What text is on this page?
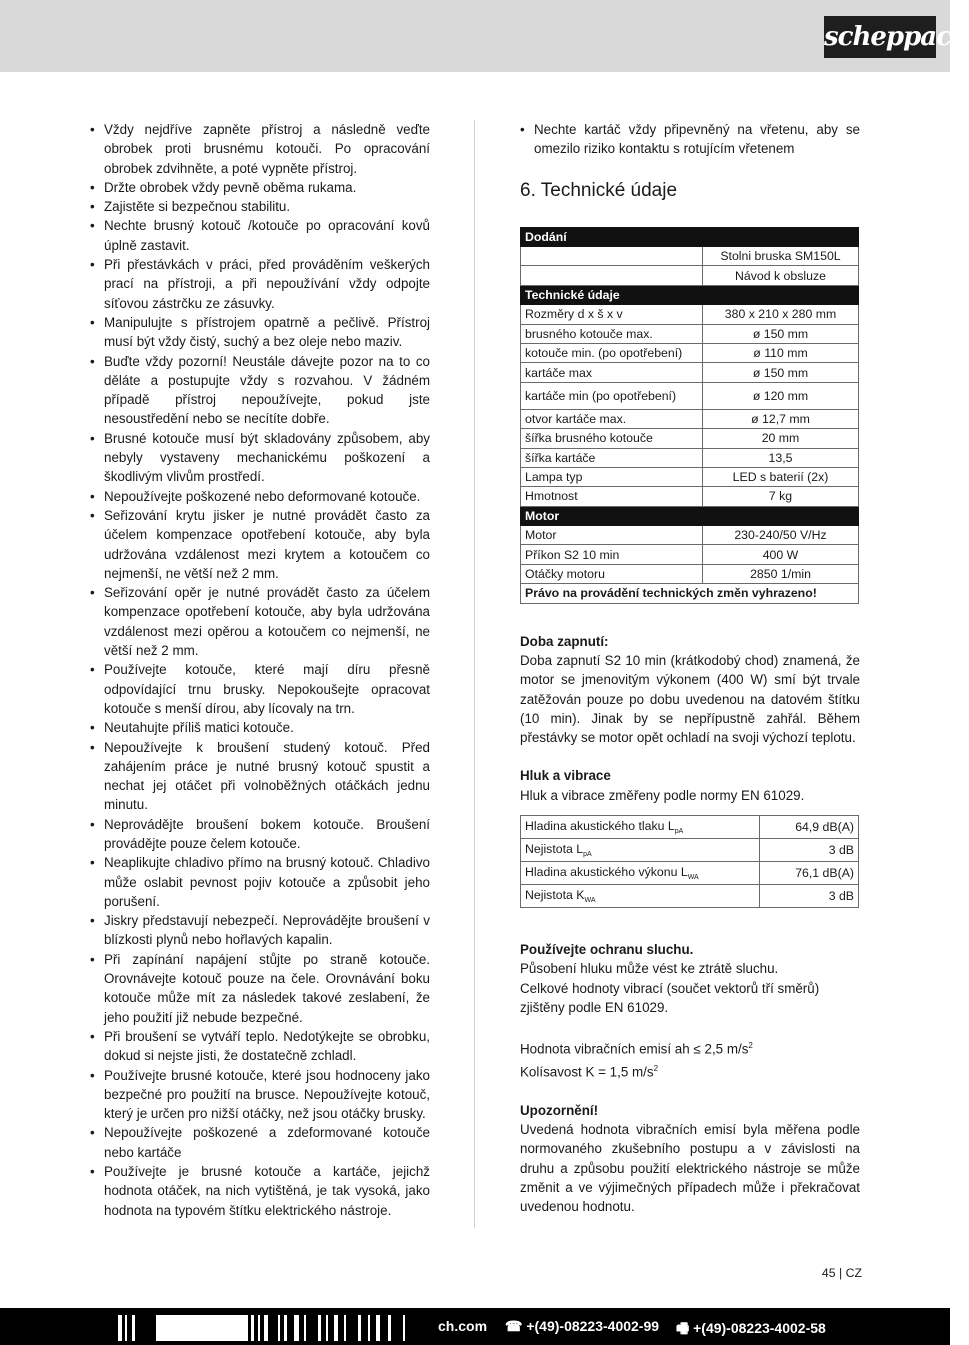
scheppach
• Vždy nejdříve zapněte přístroj a následně veďte obrobek proti brusnému kotouči. Po opracování obrobek zdvihněte, a poté vypněte přístroj.
• Držte obrobek vždy pevně oběma rukama.
• Zajistěte si bezpečnou stabilitu.
• Nechte brusný kotouč /kotouče po opracování kovů úplně zastavit.
• Při přestávkách v práci, před prováděním veškerých prací na přístroji, a při nepoužívání vždy odpojte síťovou zástrčku ze zásuvky.
• Manipulujte s přístrojem opatrně a pečlivě. Přístroj musí být vždy čistý, suchý a bez oleje nebo maziv.
• Buďte vždy pozorní! Neustále dávejte pozor na to co děláte a postupujte vždy s rozvahou. V žádném případě přístroj nepoužívejte, pokud jste nesoustředění nebo se necítíte dobře.
• Brusné kotouče musí být skladovány způsobem, aby nebyly vystaveny mechanickému poškození a škodlivým vlivům prostředí.
• Nepoužívejte poškozené nebo deformované kotouče.
• Seřizování krytu jisker je nutné provádět často za účelem kompenzace opotřebení kotouče, aby byla udržována vzdálenost mezi krytem a kotoučem co nejmenší, ne větší než 2 mm.
• Seřizování opěr je nutné provádět často za účelem kompenzace opotřebení kotouče, aby byla udržována vzdálenost mezi opěrou a kotoučem co nejmenší, ne větší než 2 mm.
• Používejte kotouče, které mají díru přesně odpovídající trnu brusky. Nepokoušejte opracovat kotouče s menší dírou, aby lícovaly na trn.
• Neutahujte příliš matici kotouče.
• Nepoužívejte k broušení studený kotouč. Před zahájením práce je nutné brusný kotouč spustit a nechat jej otáčet při volnoběžných otáčkách jednu minutu.
• Neprovádějte broušení bokem kotouče. Broušení provádějte pouze čelem kotouče.
• Neaplikujte chladivo přímo na brusný kotouč. Chladivo může oslabit pevnost pojiv kotouče a způsobit jeho porušení.
• Jiskry představují nebezpečí. Neprovádějte broušení v blízkosti plynů nebo hořlavých kapalin.
• Při zapínání napájení stůjte po straně kotouče. Orovnávejte kotouč pouze na čele. Orovnávání boku kotouče může mít za následek takové zeslabení, že jeho použití již nebude bezpečné.
• Při broušení se vytváří teplo. Nedotýkejte se obrobku, dokud si nejste jisti, že dostatečně zchladl.
• Používejte brusné kotouče, které jsou hodnoceny jako bezpečné pro použití na brusce. Nepoužívejte kotouč, který je určen pro nižší otáčky, než jsou otáčky brusky.
• Nepoužívejte poškozené a zdeformované kotouče nebo kartáče
• Používejte je brusné kotouče a kartáče, jejichž hodnota otáček, na nich vytištěná, je tak vysoká, jako hodnota na typovém štítku elektrického nástroje.
• Nechte kartáč vždy připevněný na vřetenu, aby se omezilo riziko kontaktu s rotujícím vřetenem
6. Technické údaje
Dodání	
	Stolni bruska SM150L
	Návod k obsluze
Technické údaje	
Rozměry d x š x v	380 x 210 x 280 mm
brusného kotouče max.	ø 150 mm
kotouče min. (po opotřebení)	ø 110 mm
kartáče max	ø 150 mm
kartáče min (po opotřebení)	ø 120 mm
otvor kartáče max.	ø 12,7 mm
šířka brusného kotouče	20 mm
šířka kartáče	13,5
Lampa typ	LED s baterií (2x)
Hmotnost	7 kg
Motor	
Motor	230-240/50 V/Hz
Příkon S2 10 min	400 W
Otáčky motoru	2850 1/min
Právo na provádění technických změn vyhrazeno!	

Doba zapnutí:

Doba zapnutí S2 10 min (krátkodobý chod) znamená, že motor se jmenovitým výkonem (400 W) smí být trvale zatěžován pouze po dobu uvedenou na datovém štítku (10 min). Jinak by se nepřípustně zahřál. Během přestávky se motor opět ochladí na svoji výchozí teplotu.

Hluk a vibrace

Hluk a vibrace změřeny podle normy EN 61029.

Hladina akustického tlaku $L_{pA}$	64,9 dB(A)
Nejistota $L_{pA}$	3 dB
Hladina akustického výkonu $L_{WA}$	76,1 dB(A)
Nejistota $K_{WA}$	3 dB

Používejte ochranu sluchu.

Působení hluku může vést ke ztrátě sluchu.

Celkové hodnoty vibrací (součet vektorů tří směrů) zjištěny podle EN 61029.

Hodnota vibračních emisí ah ≤ 2,5 $m/s^2$

Kolísavost K = 1,5 $m/s^2$

Upozornění!

Uvedená hodnota vibračních emisí byla měřena podle normovaného zkušebního postupu a v závislosti na druhu a způsobu použití elektrického nástroje se může změnit a ve výjimečných případech může i překračovat uvedenou hodnotu.

45 | CZ
ch.com ☎ +(49)-08223-4002-99 🖷 +(49)-08223-4002-58
